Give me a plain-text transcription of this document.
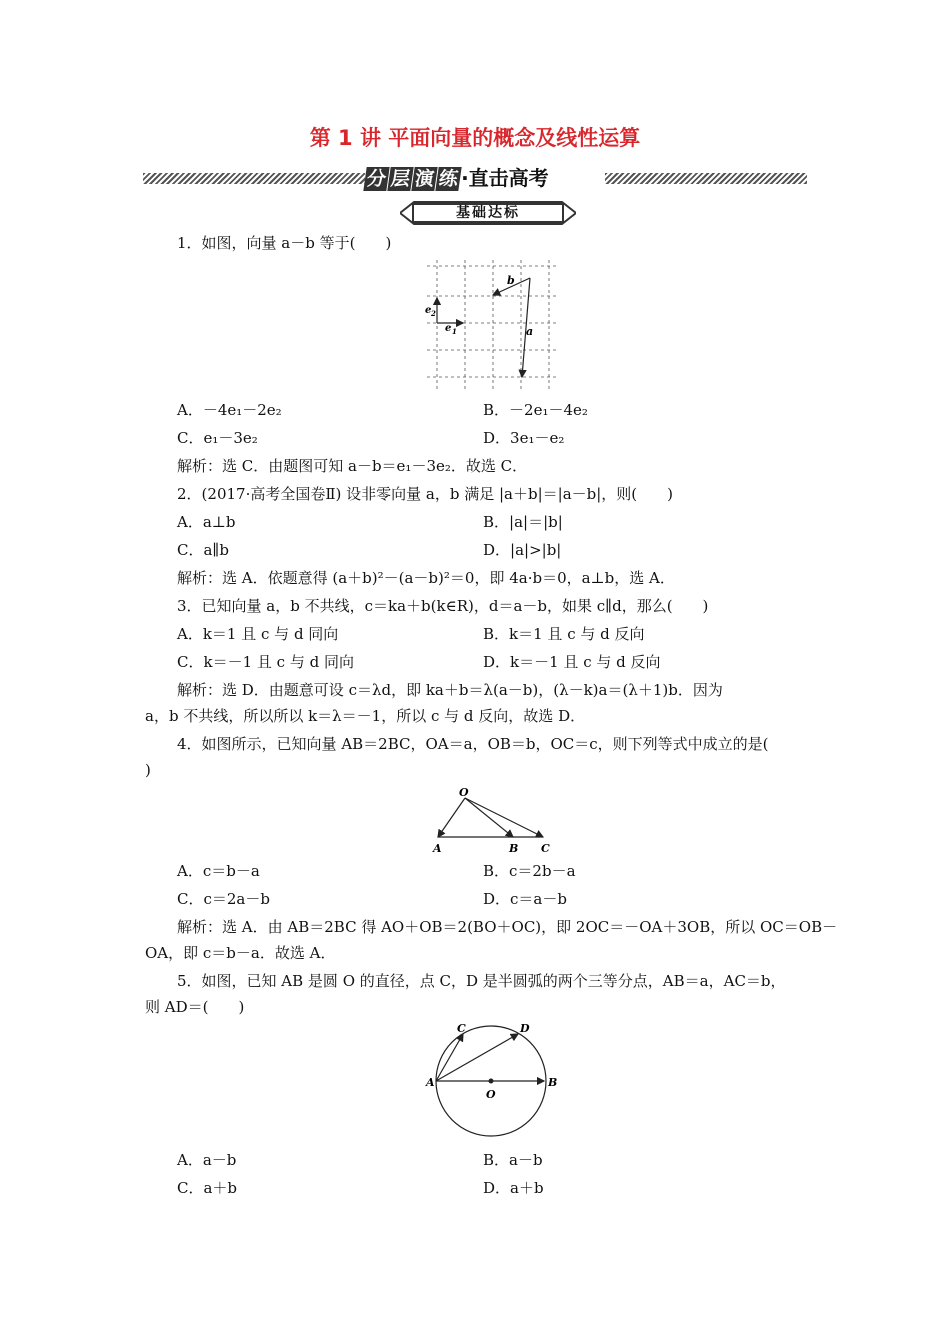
第 1 讲 平面向量的概念及线性运算
分 层 演 练·直击高考
基础达标
1．如图，向量 a－b 等于(　　)
b
a
e 2
e 1
A．－4e₁－2e₂	B．－2e₁－4e₂
C．e₁－3e₂	D．3e₁－e₂
解析：选 C．由题图可知 a－b＝e₁－3e₂．故选 C．
2．(2017·高考全国卷Ⅱ) 设非零向量 a，b 满足 |a＋b|＝|a－b|，则(　　)
A．a⊥b	B．|a|＝|b|
C．a∥b	D．|a|>|b|
解析：选 A．依题意得 (a＋b)²－(a－b)²＝0，即 4a·b＝0，a⊥b，选 A．
3．已知向量 a，b 不共线，c＝ka＋b(k∈R)，d＝a－b，如果 c∥d，那么(　　)
A．k＝1 且 c 与 d 同向	B．k＝1 且 c 与 d 反向
C．k＝－1 且 c 与 d 同向	D．k＝－1 且 c 与 d 反向
解析：选 D．由题意可设 c＝λd，即 ka＋b＝λ(a－b)，(λ－k)a＝(λ＋1)b．因为
a，b 不共线，所以所以 k＝λ＝－1，所以 c 与 d 反向，故选 D．
4．如图所示，已知向量 AB＝2BC，OA＝a，OB＝b，OC＝c，则下列等式中成立的是(
)
O
A	B C
A．c＝b－a	B．c＝2b－a
C．c＝2a－b	D．c＝a－b
解析：选 A．由 AB＝2BC 得 AO＋OB＝2(BO＋OC)，即 2OC＝－OA＋3OB，所以 OC＝OB－
OA，即 c＝b－a．故选 A．
5．如图，已知 AB 是圆 O 的直径，点 C，D 是半圆弧的两个三等分点，AB＝a，AC＝b，
则 AD＝(　　)
A	B
C	D
O
A．a－b	B．a－b
C．a＋b	D．a＋b
